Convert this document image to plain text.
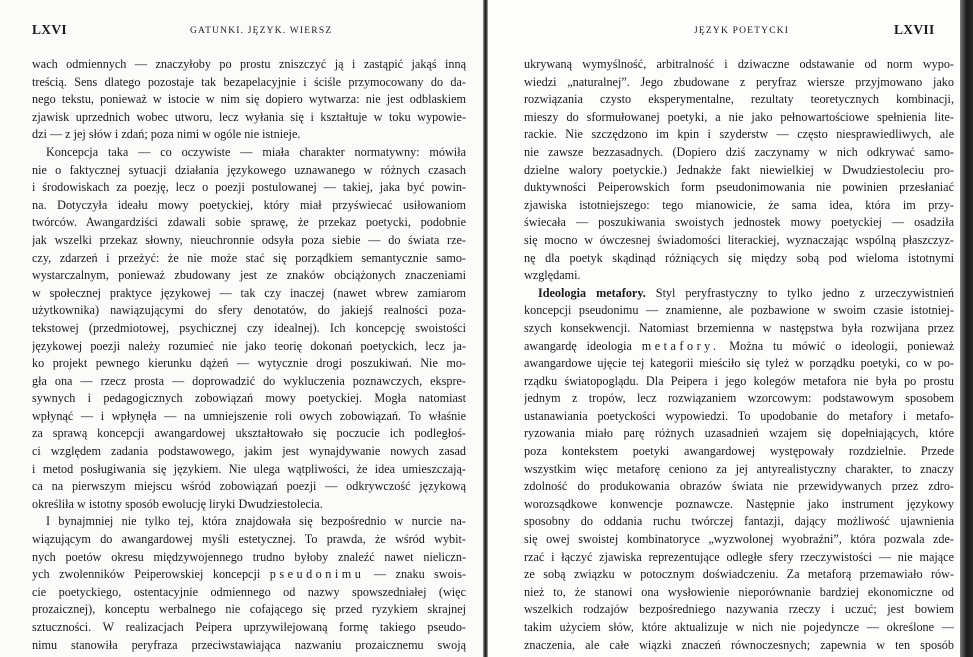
LXVI	GATUNKI. JĘZYK. WIERSZ
wach odmiennych — znaczyłoby po prostu zniszczyć ją i zastąpić jakąś inną
treścią. Sens dlatego pozostaje tak bezapelacyjnie i ściśle przymocowany do da-
nego tekstu, ponieważ w istocie w nim się dopiero wytwarza: nie jest odblaskiem
zjawisk uprzednich wobec utworu, lecz wyłania się i kształtuje w toku wypowie-
dzi — z jej słów i zdań; poza nimi w ogóle nie istnieje.
Koncepcja taka — co oczywiste — miała charakter normatywny: mówiła
nie o faktycznej sytuacji działania językowego uznawanego w różnych czasach
i środowiskach za poezję, lecz o poezji postulowanej — takiej, jaka być powin-
na. Dotyczyła ideału mowy poetyckiej, który miał przyświecać usiłowaniom
twórców. Awangardziści zdawali sobie sprawę, że przekaz poetycki, podobnie
jak wszelki przekaz słowny, nieuchronnie odsyła poza siebie — do świata rze-
czy, zdarzeń i przeżyć: że nie może stać się porządkiem semantycznie samo-
wystarczalnym, ponieważ zbudowany jest ze znaków obciążonych znaczeniami
w społecznej praktyce językowej — tak czy inaczej (nawet wbrew zamiarom
użytkownika) nawiązującymi do sfery denotatów, do jakiejś realności poza-
tekstowej (przedmiotowej, psychicznej czy idealnej). Ich koncepcję swoistości
językowej poezji należy rozumieć nie jako teorię dokonań poetyckich, lecz ja-
ko projekt pewnego kierunku dążeń — wytycznie drogi poszukiwań. Nie mo-
gła ona — rzecz prosta — doprowadzić do wykluczenia poznawczych, ekspre-
sywnych i pedagogicznych zobowiązań mowy poetyckiej. Mogła natomiast
wpłynąć — i wpłynęła — na umniejszenie roli owych zobowiązań. To właśnie
za sprawą koncepcji awangardowej ukształtowało się poczucie ich podległoś-
ci względem zadania podstawowego, jakim jest wynajdywanie nowych zasad
i metod posługiwania się językiem. Nie ulega wątpliwości, że idea umieszczają-
ca na pierwszym miejscu wśród zobowiązań poezji — odkrywczość językową
określiła w istotny sposób ewolucję liryki Dwudziestolecia.
I bynajmniej nie tylko tej, która znajdowała się bezpośrednio w nurcie na-
wiązującym do awangardowej myśli estetycznej. To prawda, że wśród wybit-
nych poetów okresu międzywojennego trudno byłoby znaleźć nawet nieliczn-
ych zwolenników Peiperowskiej koncepcji pseudonimu — znaku swois-
cie poetyckiego, ostentacyjnie odmiennego od nazwy spowszedniałej (więc
prozaicznej), konceptu werbalnego nie cofającego się przed ryzykiem skrajnej
sztuczności. W realizacjach Peipera uprzywilejowaną formę takiego pseudo-
nimu stanowiła peryfraza przeciwstawiająca nazwaniu prozaicznemu swoją
JĘZYK POETYCKI	LXVII
ukrywaną wymyślność, arbitralność i dziwaczne odstawanie od norm wypo-
wiedzi „naturalnej”. Jego zbudowane z peryfraz wiersze przyjmowano jako
rozwiązania czysto eksperymentalne, rezultaty teoretycznych kombinacji,
mieszy do sformułowanej poetyki, a nie jako pełnowartościowe spełnienia lite-
rackie. Nie szczędzono im kpin i szyderstw — często niesprawiedliwych, ale
nie zawsze bezzasadnych. (Dopiero dziś zaczynamy w nich odkrywać samo-
dzielne walory poetyckie.) Jednakże fakt niewielkiej w Dwudziestoleciu pro-
duktywności Peiperowskich form pseudonimowania nie powinien przesłaniać
zjawiska istotniejszego: tego mianowicie, że sama idea, która im przy-
świecała — poszukiwania swoistych jednostek mowy poetyckiej — osadziła
się mocno w ówczesnej świadomości literackiej, wyznaczając wspólną płaszczyz-
nę dla poetyk skądinąd różniących się między sobą pod wieloma istotnymi
względami.
Ideologia metafory. Styl peryfrastyczny to tylko jedno z urzeczywistnień
koncepcji pseudonimu — znamienne, ale pozbawione w swoim czasie istotniej-
szych konsekwencji. Natomiast brzemienna w następstwa była rozwijana przez
awangardę ideologia metafory. Można tu mówić o ideologii, ponieważ
awangardowe ujęcie tej kategorii mieściło się tyleż w porządku poetyki, co w po-
rządku światopoglądu. Dla Peipera i jego kolegów metafora nie była po prostu
jednym z tropów, lecz rozwiązaniem wzorcowym: podstawowym sposobem
ustanawiania poetyckości wypowiedzi. To upodobanie do metafory i metafo-
ryzowania miało parę różnych uzasadnień wzajem się dopełniających, które
poza kontekstem poetyki awangardowej występowały rozdzielnie. Przede
wszystkim więc metaforę ceniono za jej antyrealistyczny charakter, to znaczy
zdolność do produkowania obrazów świata nie przewidywanych przez zdro-
worozsądkowe konwencje poznawcze. Następnie jako instrument językowy
sposobny do oddania ruchu twórczej fantazji, dający możliwość ujawnienia
się owej swoistej kombinatoryce „wyzwolonej wyobraźni”, która pozwala zde-
rzać i łączyć zjawiska reprezentujące odległe sfery rzeczywistości — nie mające
ze sobą związku w potocznym doświadczeniu. Za metaforą przemawiało rów-
nież to, że stanowi ona wysłowienie nieporównanie bardziej ekonomiczne od
wszelkich rodzajów bezpośredniego nazywania rzeczy i uczuć; jest bowiem
takim użyciem słów, które aktualizuje w nich nie pojedyncze — określone —
znaczenia, ale całe wiązki znaczeń równoczesnych; zapewnia w ten sposób
